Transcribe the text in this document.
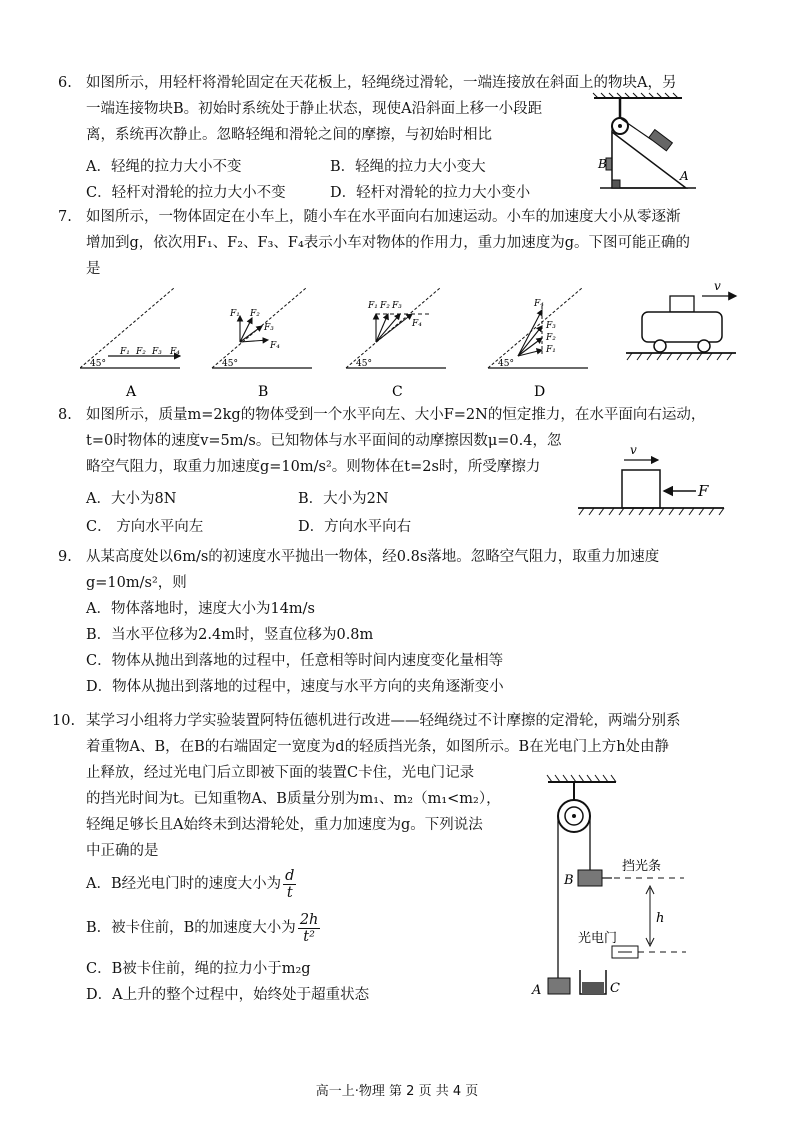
6. 如图所示，用轻杆将滑轮固定在天花板上，轻绳绕过滑轮，一端连接放在斜面上的物块A，另
一端连接物块B。初始时系统处于静止状态，现使A沿斜面上移一小段距
离，系统再次静止。忽略轻绳和滑轮之间的摩擦，与初始时相比
A．轻绳的拉力大小不变	B．轻绳的拉力大小变大
C．轻杆对滑轮的拉力大小不变	D．轻杆对滑轮的拉力大小变小
B
A
7. 如图所示，一物体固定在小车上，随小车在水平面向右加速运动。小车的加速度大小从零逐渐
增加到g，依次用F₁、F₂、F₃、F₄表示小车对物体的作用力，重力加速度为g。下图可能正确的
是
45°
F₁ F₂ F₃ F₄
A
45°
F₁ F₂
F₃
F₄
B
45°
F₁ F₂ F₃
F₄
C
45°
F₄
F₃
F₂
F₁
D
v
8. 如图所示，质量m=2kg的物体受到一个水平向左、大小F=2N的恒定推力，在水平面向右运动，
t=0时物体的速度v=5m/s。已知物体与水平面间的动摩擦因数μ=0.4，忽
略空气阻力，取重力加速度g=10m/s²。则物体在t=2s时，所受摩擦力
A．大小为8N	B．大小为2N
C． 方向水平向左	D．方向水平向右
v
F
9. 从某高度处以6m/s的初速度水平抛出一物体，经0.8s落地。忽略空气阻力，取重力加速度
g=10m/s²，则
A．物体落地时，速度大小为14m/s
B．当水平位移为2.4m时，竖直位移为0.8m
C．物体从抛出到落地的过程中，任意相等时间内速度变化量相等
D．物体从抛出到落地的过程中，速度与水平方向的夹角逐渐变小
10. 某学习小组将力学实验装置阿特伍德机进行改进——轻绳绕过不计摩擦的定滑轮，两端分别系
着重物A、B，在B的右端固定一宽度为d的轻质挡光条，如图所示。B在光电门上方h处由静
止释放，经过光电门后立即被下面的装置C卡住，光电门记录
的挡光时间为t。已知重物A、B质量分别为m₁、m₂（m₁<m₂），
轻绳足够长且A始终未到达滑轮处，重力加速度为g。下列说法
中正确的是
A．B经光电门时的速度大小为 $\frac{d}{t}$
B．被卡住前，B的加速度大小为 $\frac{2h}{\text{t²}}$
C．B被卡住前，绳的拉力小于m₂g
D．A上升的整个过程中，始终处于超重状态	A
B
挡光条
h
光电门
C
高一上·物理 第 2 页 共 4 页
